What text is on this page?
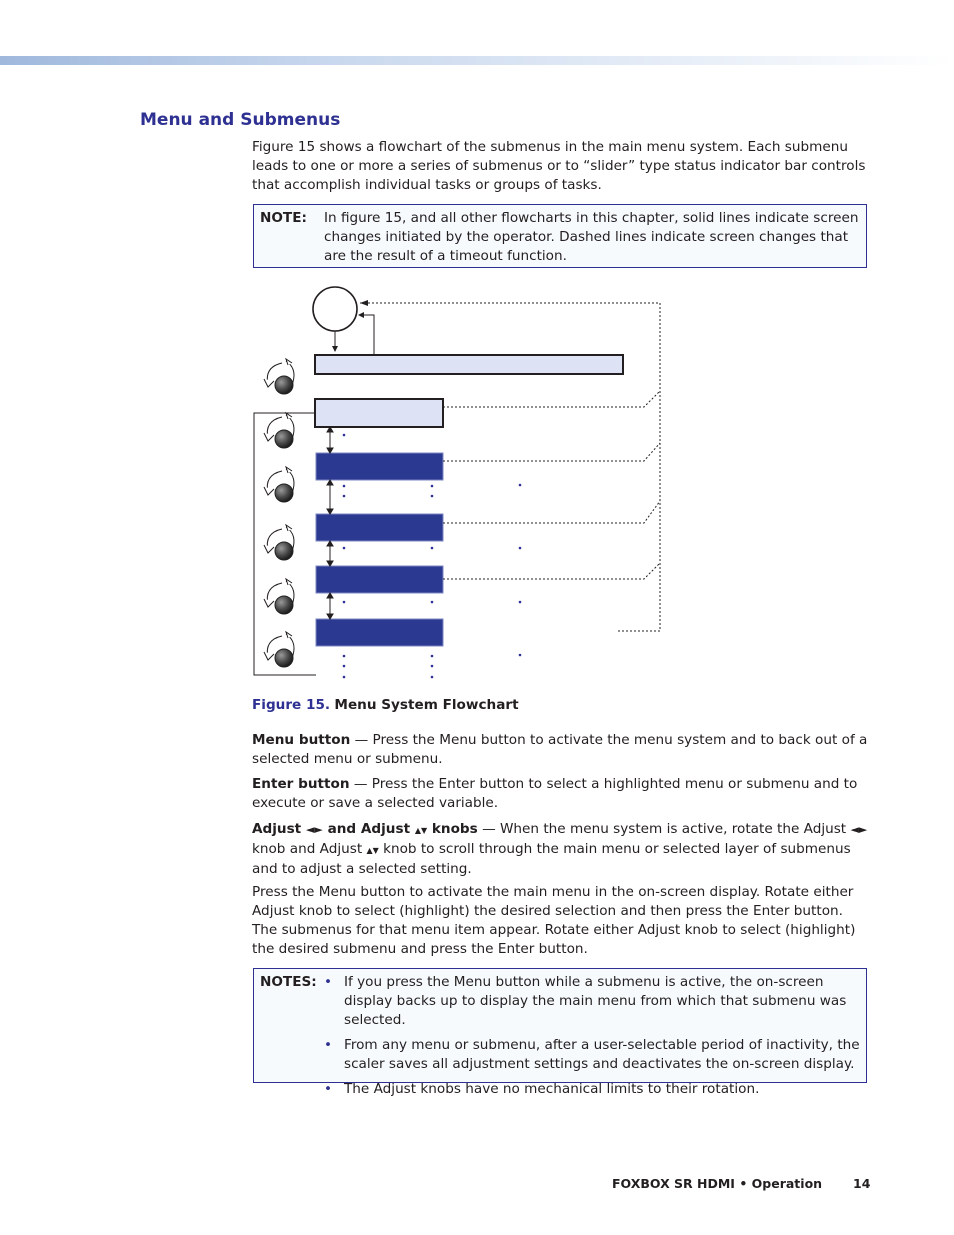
Menu and Submenus

Figure 15 shows a flowchart of the submenus in the main menu system. Each submenu leads to one or more a series of submenus or to “slider” type status indicator bar controls that accomplish individual tasks or groups of tasks.

NOTE: In figure 15, and all other flowcharts in this chapter, solid lines indicate screen changes initiated by the operator. Dashed lines indicate screen changes that are the result of a timeout function.

Figure 15. Menu System Flowchart

Menu button — Press the Menu button to activate the menu system and to back out of a selected menu or submenu.

Enter button — Press the Enter button to select a highlighted menu or submenu and to execute or save a selected variable.

Adjust ◄► and Adjust ▲▼ knobs — When the menu system is active, rotate the Adjust ◄► knob and Adjust ▲▼ knob to scroll through the main menu or selected layer of submenus and to adjust a selected setting.

Press the Menu button to activate the main menu in the on-screen display. Rotate either Adjust knob to select (highlight) the desired selection and then press the Enter button. The submenus for that menu item appear. Rotate either Adjust knob to select (highlight) the desired submenu and press the Enter button.

NOTES: • If you press the Menu button while a submenu is active, the on-screen display backs up to display the main menu from which that submenu was selected.
• From any menu or submenu, after a user-selectable period of inactivity, the scaler saves all adjustment settings and deactivates the on-screen display.
• The Adjust knobs have no mechanical limits to their rotation.
FOXBOX SR HDMI • Operation 14
